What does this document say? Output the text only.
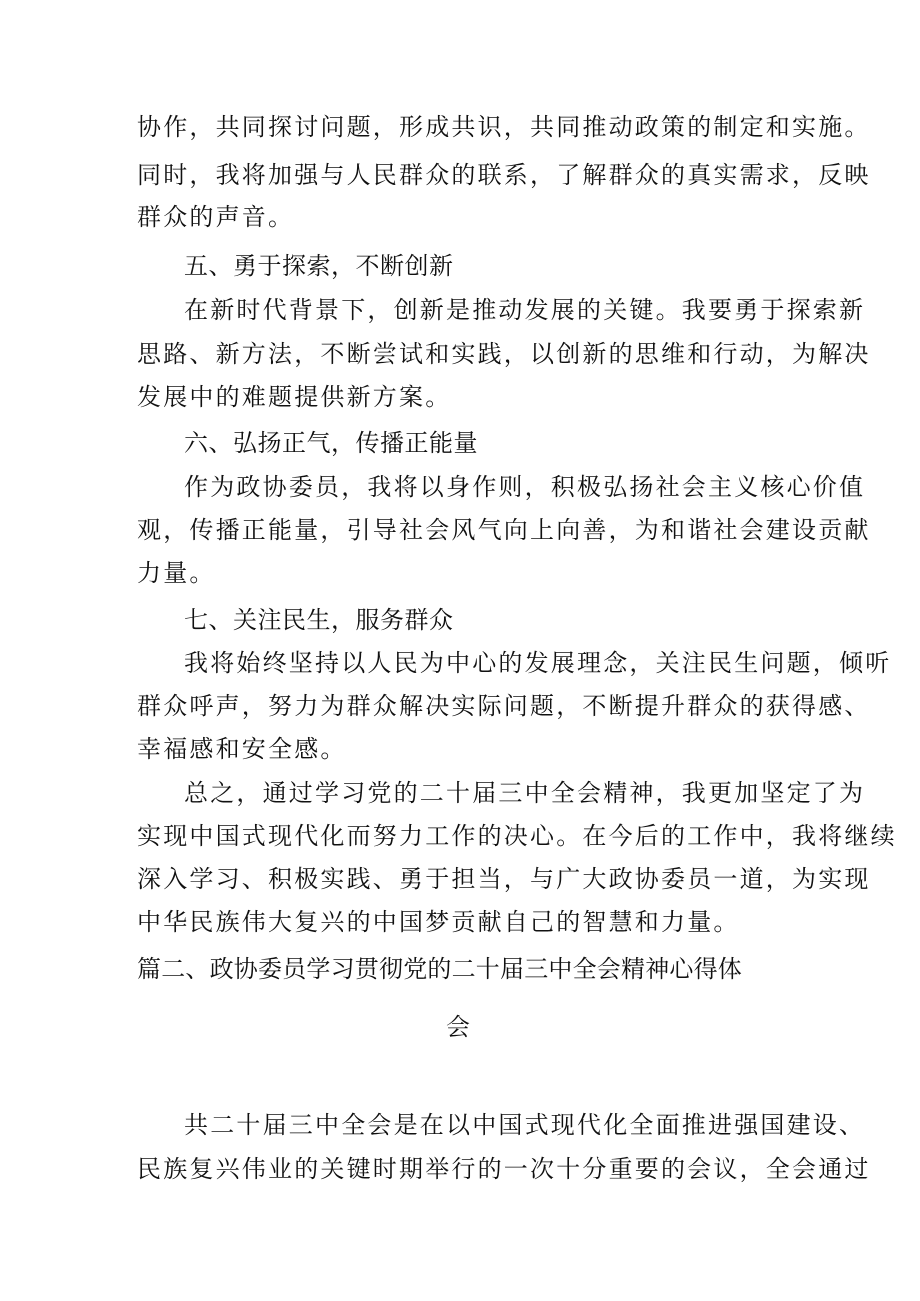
协作，共同探讨问题，形成共识，共同推动政策的制定和实施。
同时，我将加强与人民群众的联系，了解群众的真实需求，反映
群众的声音。
五、勇于探索，不断创新
在新时代背景下，创新是推动发展的关键。我要勇于探索新
思路、新方法，不断尝试和实践，以创新的思维和行动，为解决
发展中的难题提供新方案。
六、弘扬正气，传播正能量
作为政协委员，我将以身作则，积极弘扬社会主义核心价值
观，传播正能量，引导社会风气向上向善，为和谐社会建设贡献
力量。
七、关注民生，服务群众
我将始终坚持以人民为中心的发展理念，关注民生问题，倾听
群众呼声，努力为群众解决实际问题，不断提升群众的获得感、
幸福感和安全感。
总之，通过学习党的二十届三中全会精神，我更加坚定了为
实现中国式现代化而努力工作的决心。在今后的工作中，我将继续
深入学习、积极实践、勇于担当，与广大政协委员一道，为实现
中华民族伟大复兴的中国梦贡献自己的智慧和力量。
篇二、政协委员学习贯彻党的二十届三中全会精神心得体
会
共二十届三中全会是在以中国式现代化全面推进强国建设、
民族复兴伟业的关键时期举行的一次十分重要的会议，全会通过
